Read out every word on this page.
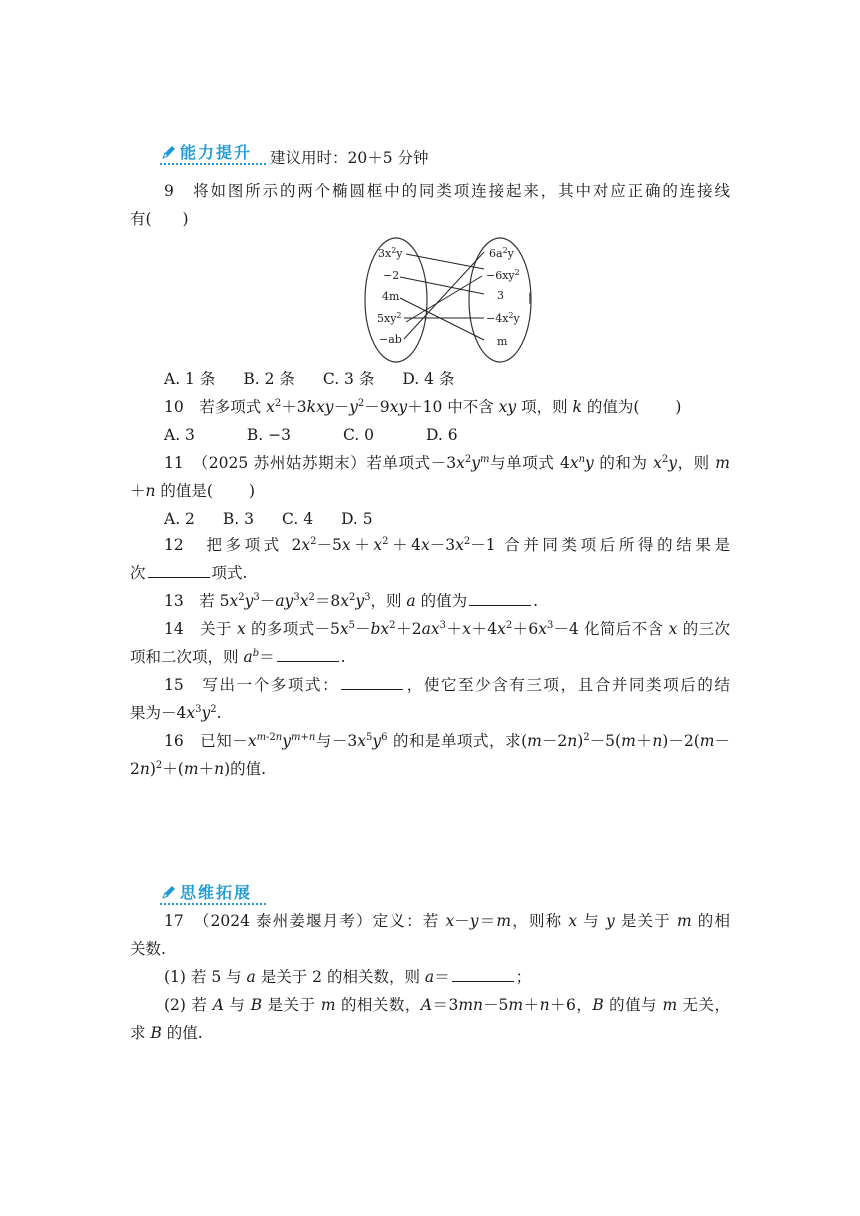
能力提升	建议用时：20＋5 分钟
9　 将如图所示的两个椭圆框中的同类项连接起来，其中对应正确的连接线
有(　　)
$3x^2y$
−2
4m
$5xy^2$
−ab
$6a^2y$
$-6xy^2$
3
$-4x^2y$
m
|
A. 1 条 B. 2 条 C. 3 条 D. 4 条
10　若多项式 $x^2+3kxy-y^2-9xy+10$ 中不含 xy 项，则 k 的值为( )
A. 3	B. −3	C. 0	D. 6
11　 （2025 苏州姑苏期末）若单项式$-3x^2y^m$与单项式 $4x^ny$ 的和为 $x^2y$，则 m
＋n 的值是( )
A. 2 B. 3 C. 4 D. 5
12　把多项式 $2x^2-5x+x^2+4x-3x^2-1$ 合并同类项后所得的结果是
次	项式.
13　若 $5x^2y^3-ay^3x^2=8x^2y^3$，则 a 的值为	.
14　关于 x 的多项式$-5x^5-bx^2+2ax^3+x+4x^2+6x^3-4$ 化简后不含 x 的三次
项和二次项，则 $a^b=$	.
15　 写出一个多项式：	，使它至少含有三项，且合并同类项后的结
果为$-4x^3y^2$.
16　已知$-x^{m-2n}y^{m+n}$与$-3x^5y^6$ 的和是单项式，求$(m-2n)^2-5(m+n)-2(m-$
2n)$^2$＋(m＋n)的值.
思维拓展
17　 （2024 泰州姜堰月考）定义：若 x－y＝m，则称 x 与 y 是关于 m 的相
关数.
(1) 若 5 与 a 是关于 2 的相关数，则 a＝	；
(2) 若 A 与 B 是关于 m 的相关数，A＝3mn－5m＋n＋6，B 的值与 m 无关，
求 B 的值.
